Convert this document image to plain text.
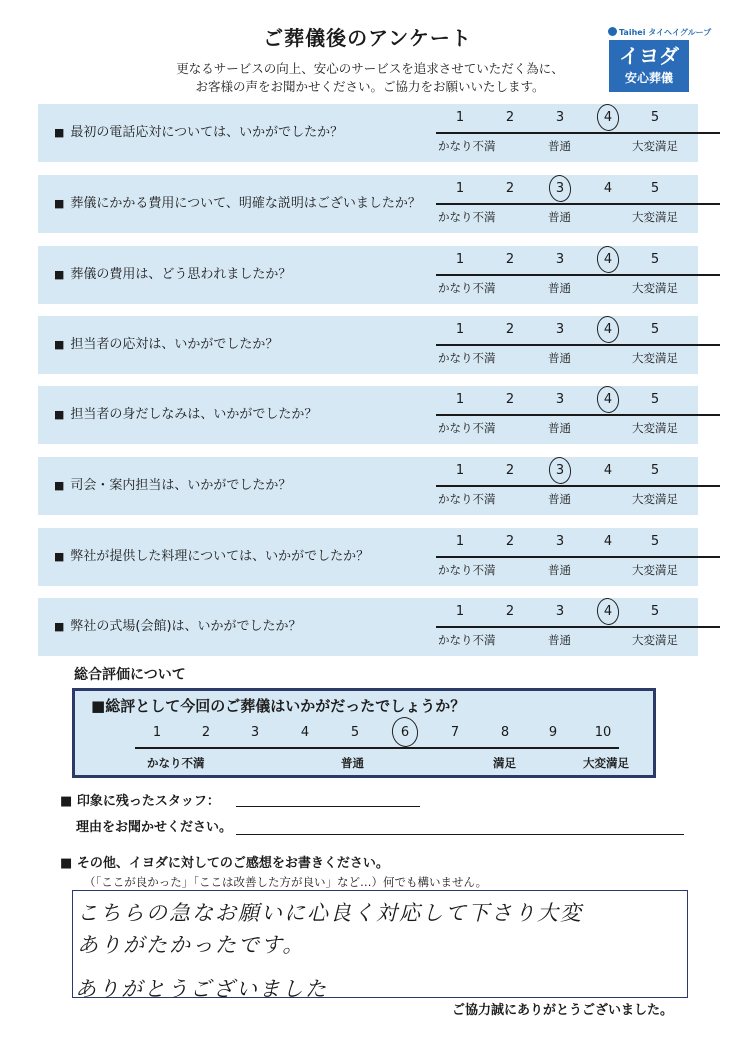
ご葬儀後のアンケート
更なるサービスの向上、安心のサービスを追求させていただく為に、
お客様の声をお聞かせください。ご協力をお願いいたします。
Taihei タイヘイグループ
イヨダ
安心葬儀
■ 最初の電話応対については、いかがでしたか？
1	2	3	4	5
かなり不満	普通	大変満足
■ 葬儀にかかる費用について、明確な説明はございましたか？
1	2	3	4	5
かなり不満	普通	大変満足
■ 葬儀の費用は、どう思われましたか？
1	2	3	4	5
かなり不満	普通	大変満足
■ 担当者の応対は、いかがでしたか？
1	2	3	4	5
かなり不満	普通	大変満足
■ 担当者の身だしなみは、いかがでしたか？
1	2	3	4	5
かなり不満	普通	大変満足
■ 司会・案内担当は、いかがでしたか？
1	2	3	4	5
かなり不満	普通	大変満足
■ 弊社が提供した料理については、いかがでしたか？
1	2	3	4	5
かなり不満	普通	大変満足
■ 弊社の式場(会館)は、いかがでしたか？
1	2	3	4	5
かなり不満	普通	大変満足
総合評価について
■総評として今回のご葬儀はいかがだったでしょうか？
1	2	3	4	5	6	7	8	9	10
かなり不満	普通	満足	大変満足
■ 印象に残ったスタッフ：
理由をお聞かせください。
■ その他、イヨダに対してのご感想をお書きください。
（「ここが良かった」「ここは改善した方が良い」など…）何でも構いません。
こちらの急なお願いに心良く対応して下さり大変
ありがたかったです。
ありがとうございました
ご協力誠にありがとうございました。
